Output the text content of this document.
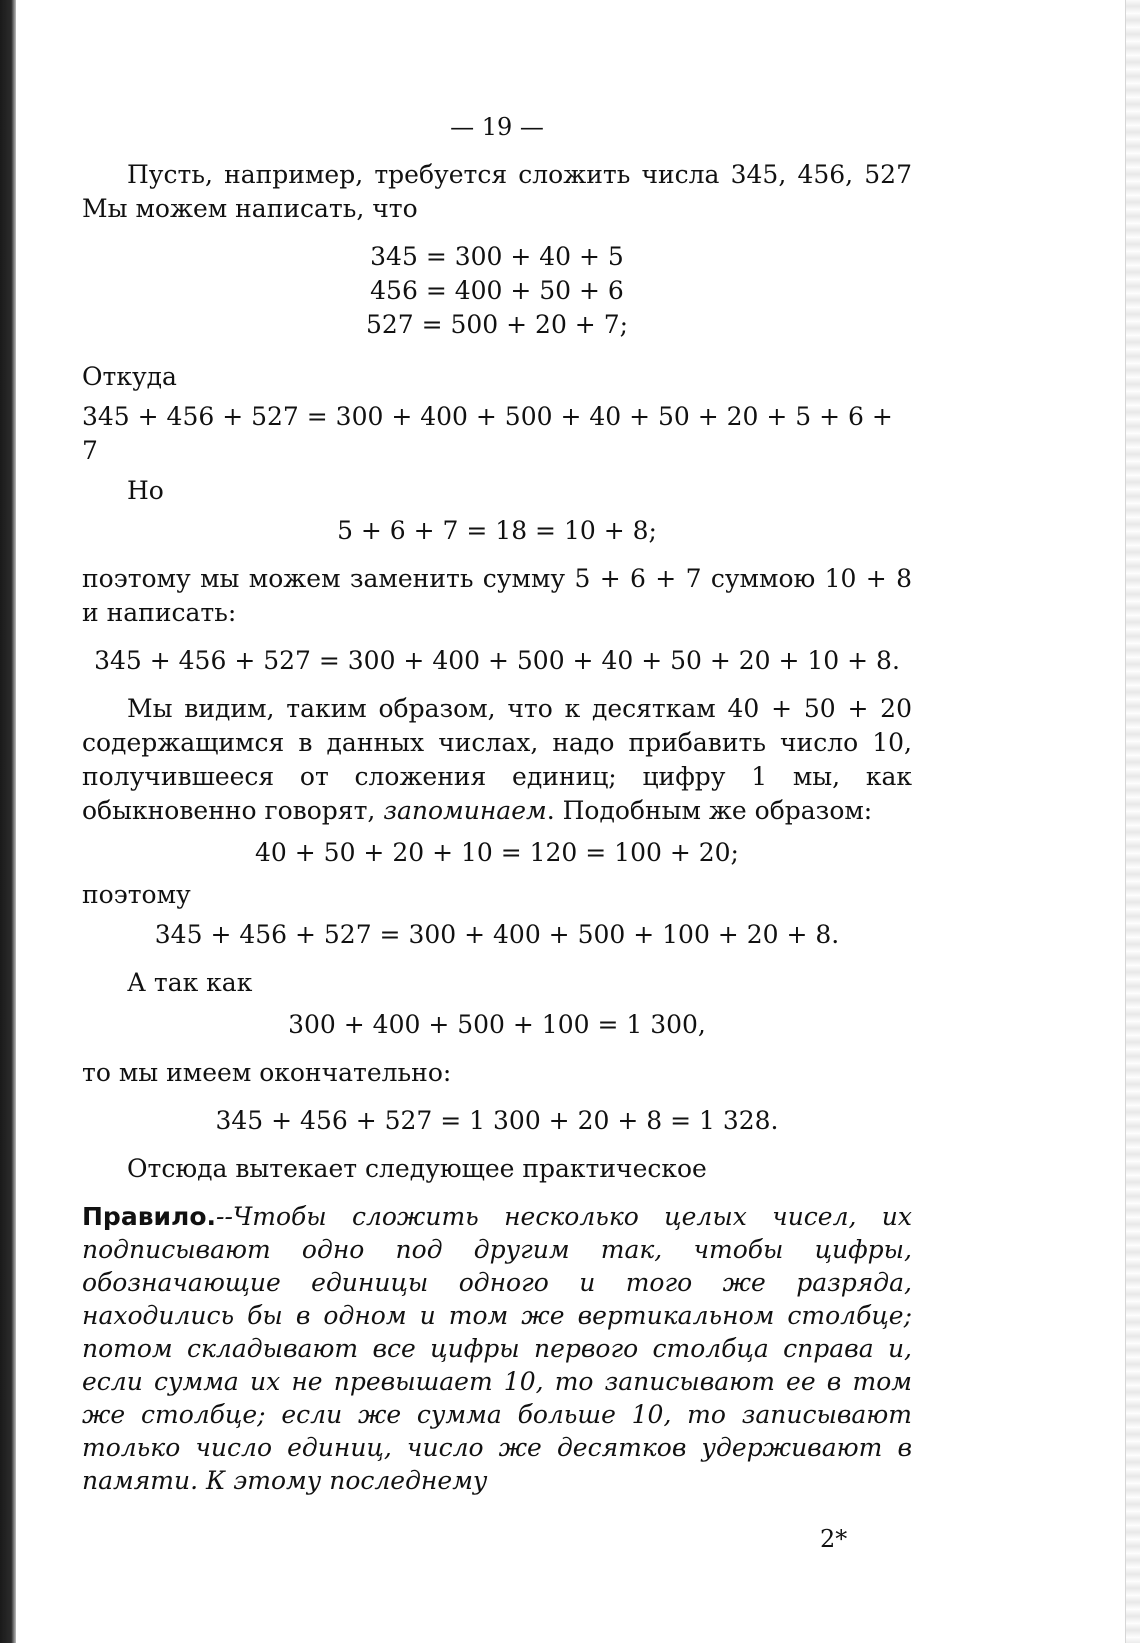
— 19 —

Пусть, например, требуется сложить числа 345, 456, 527 Мы можем написать, что

345 = 300 + 40 + 5
456 = 400 + 50 + 6
527 = 500 + 20 + 7;

Откуда

345 + 456 + 527 = 300 + 400 + 500 + 40 + 50 + 20 + 5 + 6 + 7

Но

5 + 6 + 7 = 18 = 10 + 8;

поэтому мы можем заменить сумму 5 + 6 + 7 суммою 10 + 8 и написать:

345 + 456 + 527 = 300 + 400 + 500 + 40 + 50 + 20 + 10 + 8.

Мы видим, таким образом, что к десяткам 40 + 50 + 20 содержащимся в данных числах, надо прибавить число 10, получившееся от сложения единиц; цифру 1 мы, как обыкновенно говорят, запоминаем. Подобным же образом:

40 + 50 + 20 + 10 = 120 = 100 + 20;

поэтому

345 + 456 + 527 = 300 + 400 + 500 + 100 + 20 + 8.

А так как

300 + 400 + 500 + 100 = 1 300,

то мы имеем окончательно:

345 + 456 + 527 = 1 300 + 20 + 8 = 1 328.

Отсюда вытекает следующее практическое

Правило.--Чтобы сложить несколько целых чисел, их подписывают одно под другим так, чтобы цифры, обозначающие единицы одного и того же разряда, находились бы в одном и том же вертикальном столбце; потом складывают все цифры первого столбца справа и, если сумма их не превышает 10, то записывают ее в том же столбце; если же сумма больше 10, то записывают только число единиц, число же десятков удерживают в памяти. К этому последнему

2*
